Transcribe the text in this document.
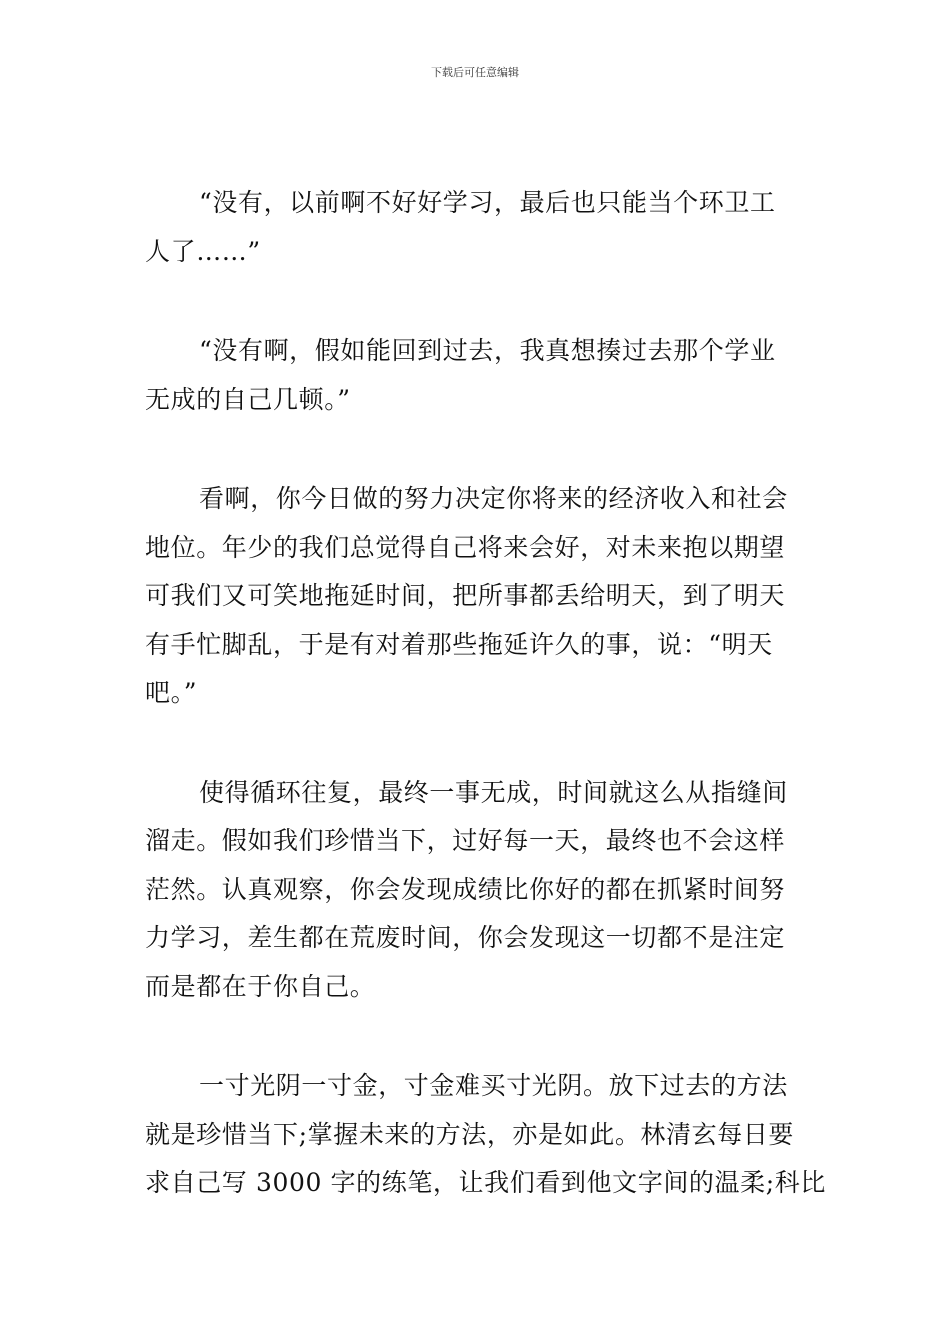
下载后可任意编辑

“没有，以前啊不好好学习，最后也只能当个环卫工
人了……”

“没有啊，假如能回到过去，我真想揍过去那个学业
无成的自己几顿。”

看啊，你今日做的努力决定你将来的经济收入和社会
地位。年少的我们总觉得自己将来会好，对未来抱以期望
可我们又可笑地拖延时间，把所事都丢给明天，到了明天
有手忙脚乱，于是有对着那些拖延许久的事，说：“明天
吧。”

使得循环往复，最终一事无成，时间就这么从指缝间
溜走。假如我们珍惜当下，过好每一天，最终也不会这样
茫然。认真观察，你会发现成绩比你好的都在抓紧时间努
力学习，差生都在荒废时间，你会发现这一切都不是注定
而是都在于你自己。

一寸光阴一寸金，寸金难买寸光阴。放下过去的方法
就是珍惜当下;掌握未来的方法，亦是如此。林清玄每日要
求自己写 3000 字的练笔，让我们看到他文字间的温柔;科比
